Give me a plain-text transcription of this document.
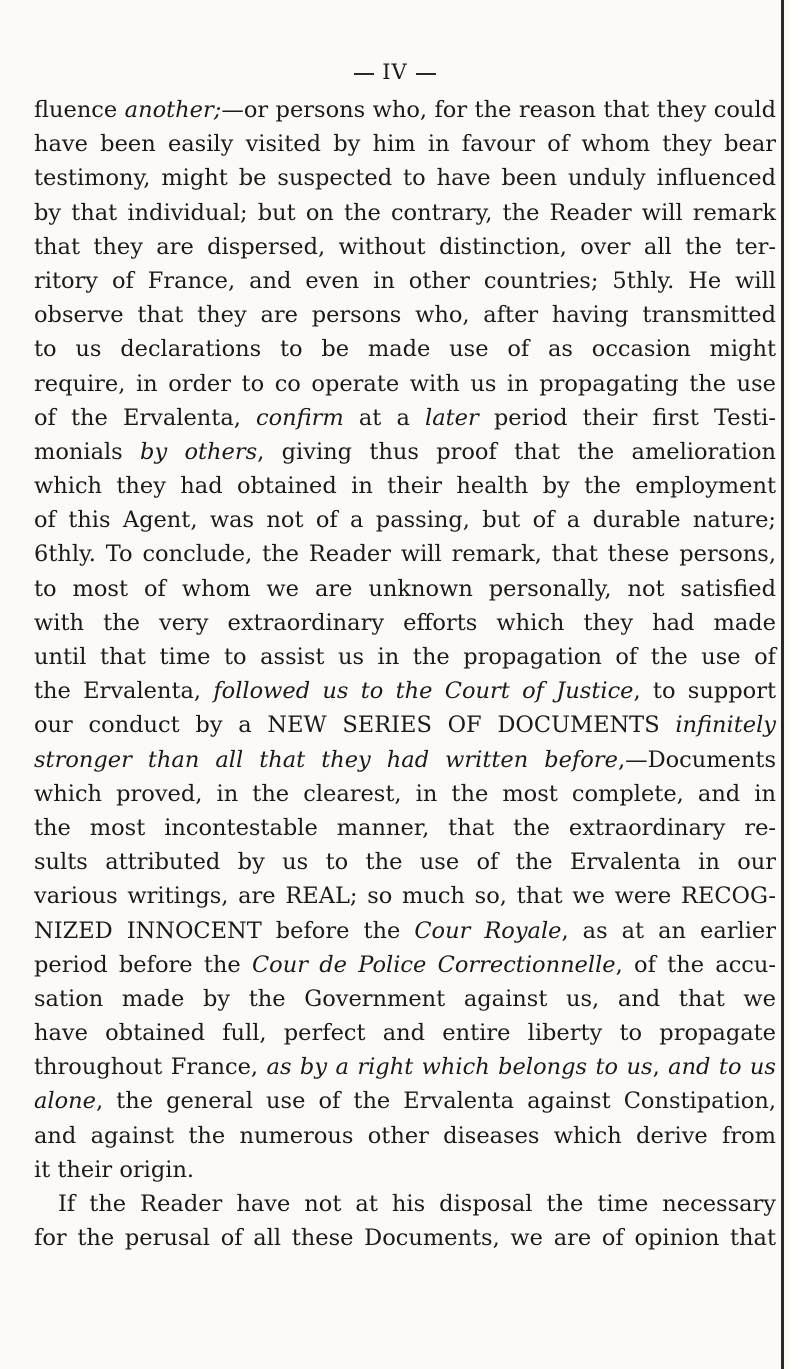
IV
fluence another;—or persons who, for the reason that they could
have been easily visited by him in favour of whom they bear
testimony, might be suspected to have been unduly influenced
by that individual; but on the contrary, the Reader will remark
that they are dispersed, without distinction, over all the ter-
ritory of France, and even in other countries; 5thly. He will
observe that they are persons who, after having transmitted
to us declarations to be made use of as occasion might
require, in order to co operate with us in propagating the use
of the Ervalenta, confirm at a later period their first Testi-
monials by others, giving thus proof that the amelioration
which they had obtained in their health by the employment
of this Agent, was not of a passing, but of a durable nature;
6thly. To conclude, the Reader will remark, that these persons,
to most of whom we are unknown personally, not satisfied
with the very extraordinary efforts which they had made
until that time to assist us in the propagation of the use of
the Ervalenta, followed us to the Court of Justice, to support
our conduct by a NEW SERIES OF DOCUMENTS infinitely
stronger than all that they had written before,—Documents
which proved, in the clearest, in the most complete, and in
the most incontestable manner, that the extraordinary re-
sults attributed by us to the use of the Ervalenta in our
various writings, are REAL; so much so, that we were RECOG-
NIZED INNOCENT before the Cour Royale, as at an earlier
period before the Cour de Police Correctionnelle, of the accu-
sation made by the Government against us, and that we
have obtained full, perfect and entire liberty to propagate
throughout France, as by a right which belongs to us, and to us
alone, the general use of the Ervalenta against Constipation,
and against the numerous other diseases which derive from
it their origin.
If the Reader have not at his disposal the time necessary
for the perusal of all these Documents, we are of opinion that
